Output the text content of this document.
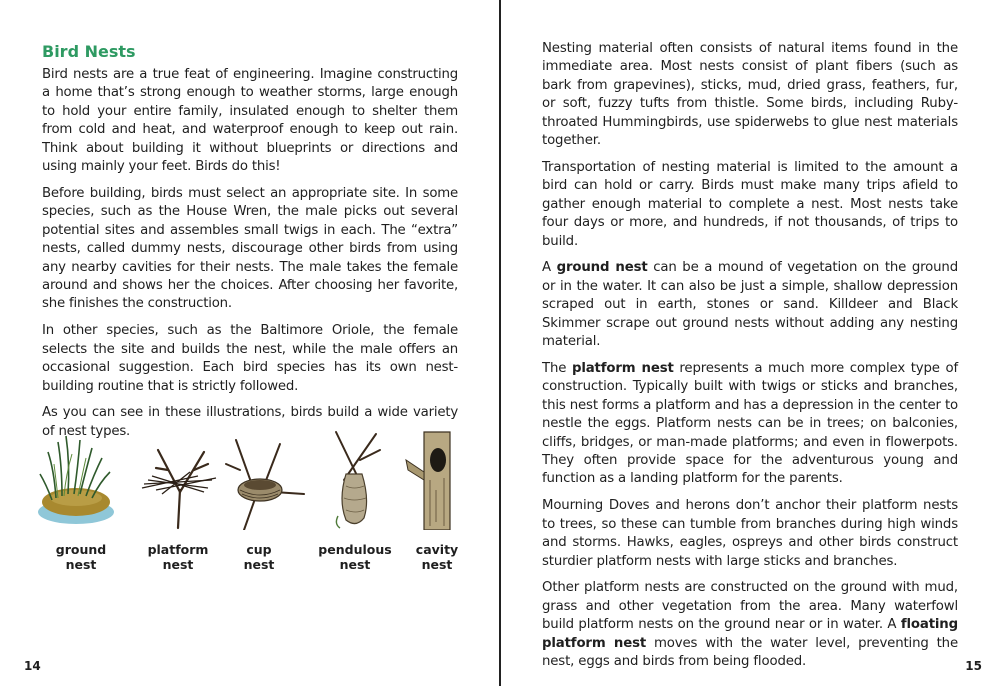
Bird Nests

Bird nests are a true feat of engineering. Imagine constructing a home that’s strong enough to weather storms, large enough to hold your entire family, insulated enough to shelter them from cold and heat, and waterproof enough to keep out rain. Think about building it without blueprints or directions and using mainly your feet. Birds do this!

Before building, birds must select an appropriate site. In some species, such as the House Wren, the male picks out several potential sites and assembles small twigs in each. The “extra” nests, called dummy nests, discourage other birds from using any nearby cavities for their nests. The male takes the female around and shows her the choices. After choosing her favorite, she finishes the construction.

In other species, such as the Baltimore Oriole, the female selects the site and builds the nest, while the male offers an occasional suggestion. Each bird species has its own nest-building routine that is strictly followed.

As you can see in these illustrations, birds build a wide variety of nest types.

ground
nest
platform
nest
cup
nest
pendulous
nest
cavity
nest
14

Nesting material often consists of natural items found in the immediate area. Most nests consist of plant fibers (such as bark from grapevines), sticks, mud, dried grass, feathers, fur, or soft, fuzzy tufts from thistle. Some birds, including Ruby-throated Hummingbirds, use spiderwebs to glue nest materials together.

Transportation of nesting material is limited to the amount a bird can hold or carry. Birds must make many trips afield to gather enough material to complete a nest. Most nests take four days or more, and hundreds, if not thousands, of trips to build.

A ground nest can be a mound of vegetation on the ground or in the water. It can also be just a simple, shallow depression scraped out in earth, stones or sand. Killdeer and Black Skimmer scrape out ground nests without adding any nesting material.

The platform nest represents a much more complex type of construction. Typically built with twigs or sticks and branches, this nest forms a platform and has a depression in the center to nestle the eggs. Platform nests can be in trees; on balconies, cliffs, bridges, or man-made platforms; and even in flowerpots. They often provide space for the adventurous young and function as a landing platform for the parents.

Mourning Doves and herons don’t anchor their platform nests to trees, so these can tumble from branches during high winds and storms. Hawks, eagles, ospreys and other birds construct sturdier platform nests with large sticks and branches.

Other platform nests are constructed on the ground with mud, grass and other vegetation from the area. Many waterfowl build platform nests on the ground near or in water. A floating platform nest moves with the water level, preventing the nest, eggs and birds from being flooded.	15
